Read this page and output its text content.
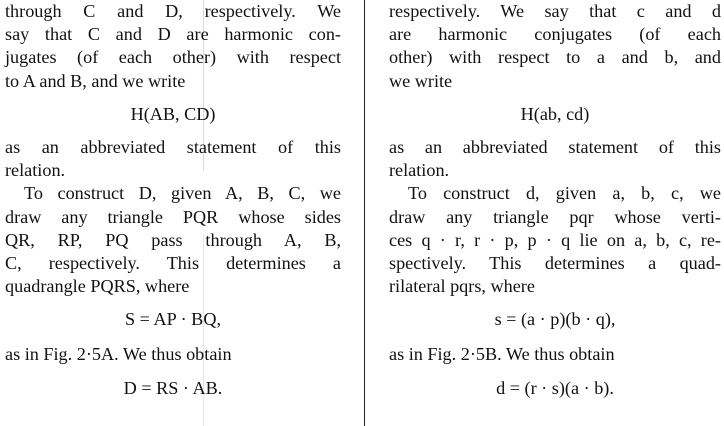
through C and D, respectively. We
say that C and D are harmonic con-
jugates (of each other) with respect
to A and B, and we write
H(AB, CD)
as an abbreviated statement of this
relation.
To construct D, given A, B, C, we
draw any triangle PQR whose sides
QR, RP, PQ pass through A, B,
C, respectively. This determines a
quadrangle PQRS, where
S = AP · BQ,
as in Fig. 2·5A. We thus obtain
D = RS · AB.
respectively. We say that c and d
are harmonic conjugates (of each
other) with respect to a and b, and
we write
H(ab, cd)
as an abbreviated statement of this
relation.
To construct d, given a, b, c, we
draw any triangle pqr whose verti-
ces q · r, r · p, p · q lie on a, b, c, re-
spectively. This determines a quad-
rilateral pqrs, where
s = (a · p)(b · q),
as in Fig. 2·5B. We thus obtain
d = (r · s)(a · b).
